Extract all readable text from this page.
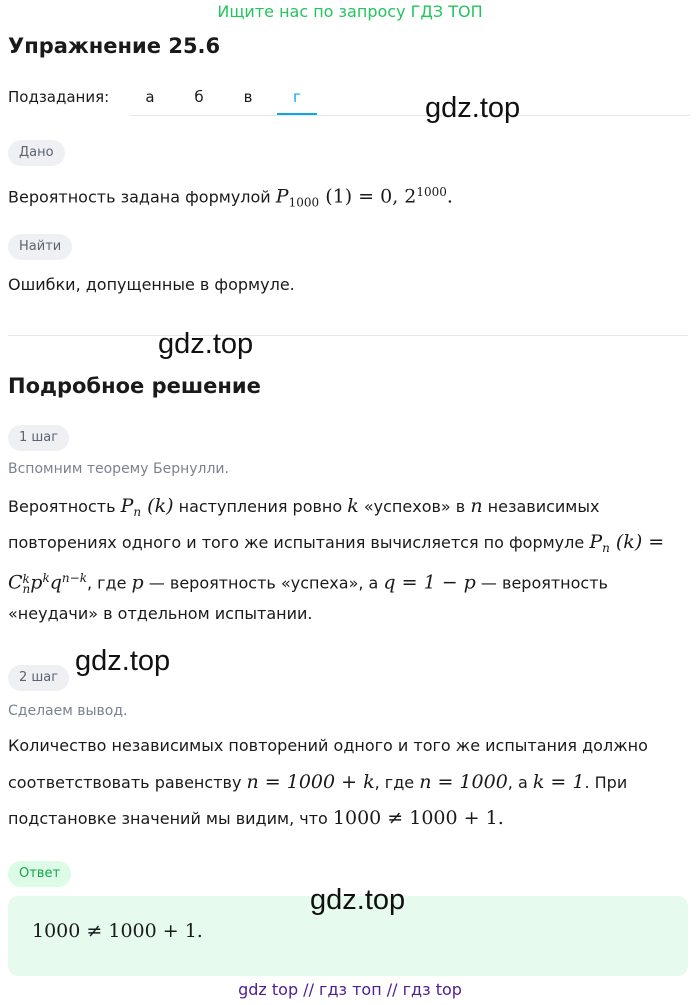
Ищите нас по запросу ГДЗ ТОП
Упражнение 25.6
Подзадания:	а	б	в	г
Дано
Вероятность задана формулой $P_{1000}$ (1) = 0, $2^{1000}$.
Найти
Ошибки, допущенные в формуле.
Подробное решение
1 шаг
Вспомним теорему Бернулли.
Вероятность $P_n$ (k) наступления ровно k «успехов» в n независимых
повторениях одного и того же испытания вычисляется по формуле $P_n$ (k) =
C k
n $p^kq^{n-k}$, где p — вероятность «успеха», а q = 1 − p — вероятность
«неудачи» в отдельном испытании.
2 шаг
Сделаем вывод.
Количество независимых повторений одного и того же испытания должно
соответствовать равенству n = 1000 + k, где n = 1000, а k = 1. При
подстановке значений мы видим, что 1000 ≠ 1000 + 1.
Ответ
1000 ≠ 1000 + 1.
gdz.top
gdz.top
gdz.top
gdz.top
gdz top // гдз топ // гдз top
